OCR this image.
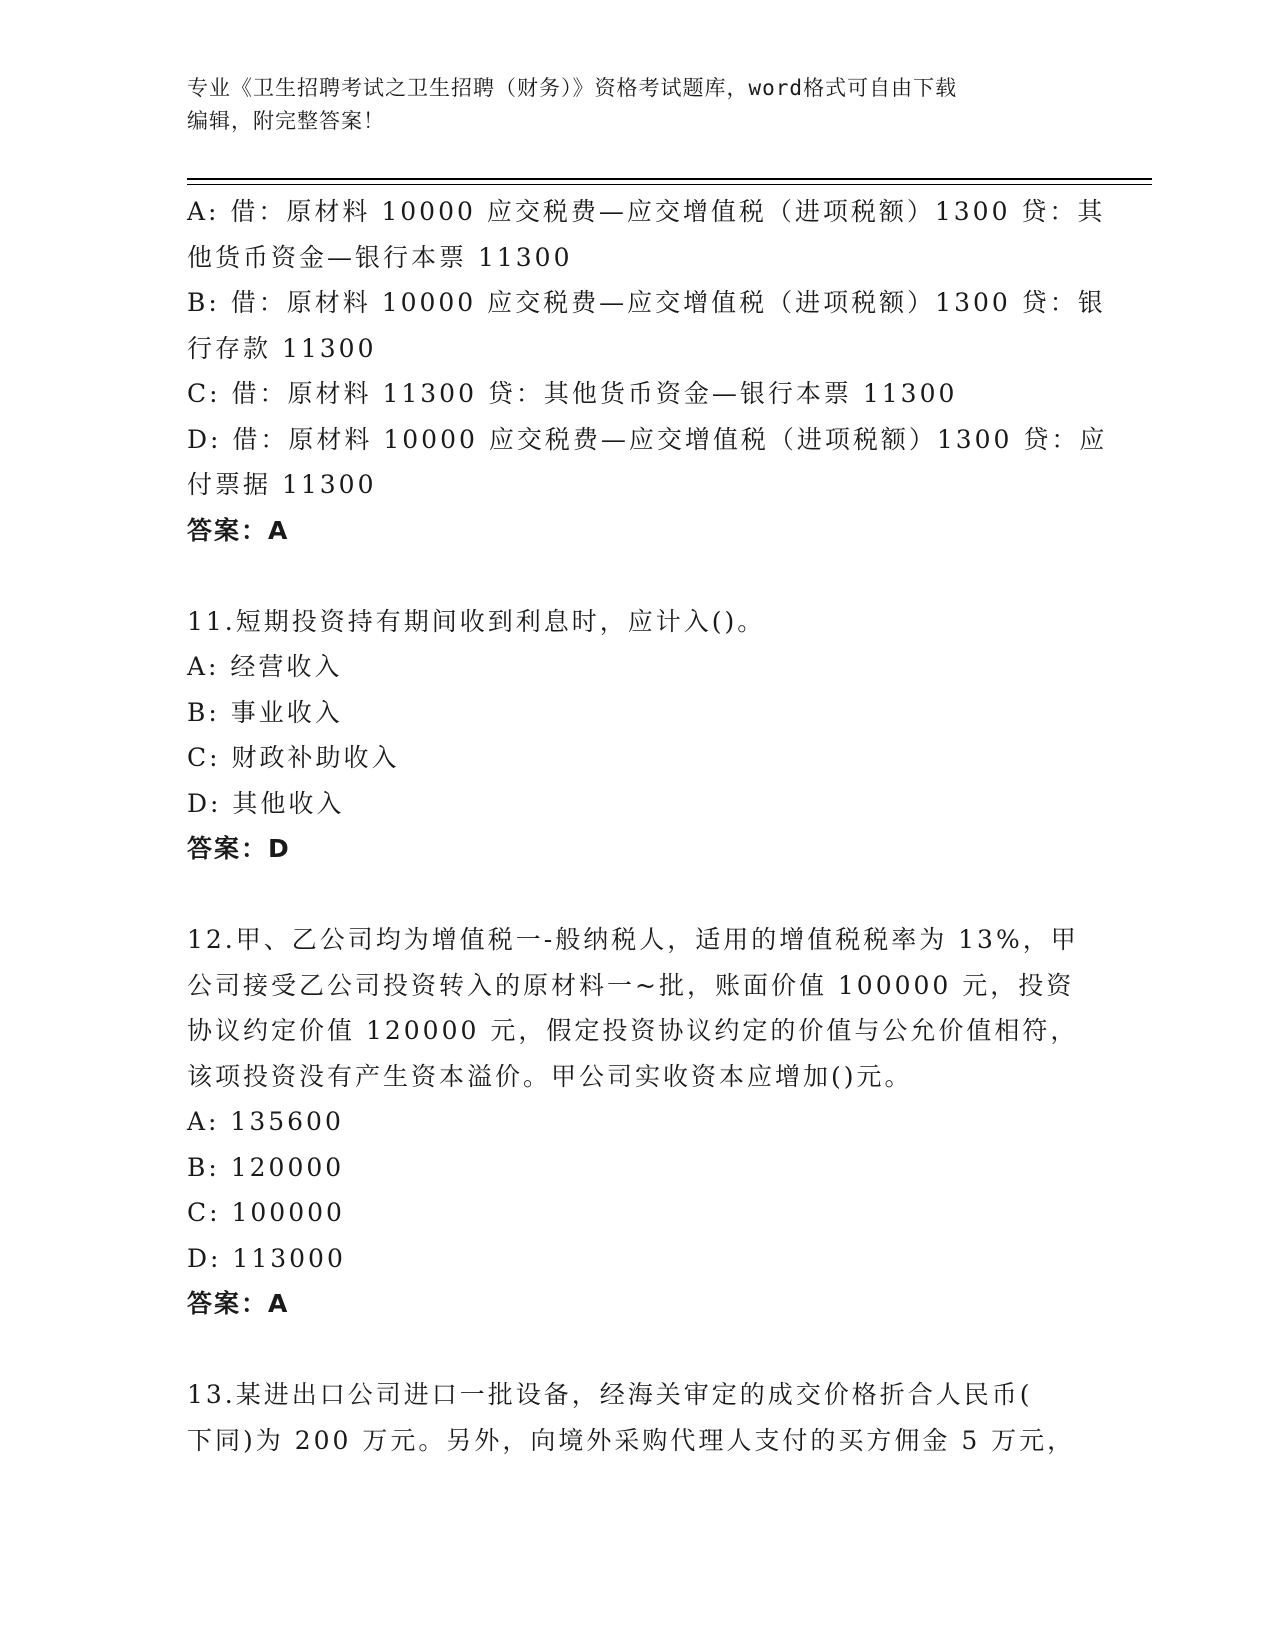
专业《卫生招聘考试之卫生招聘（财务）》资格考试题库，word格式可自由下载
编辑，附完整答案！
A: 借：原材料 10000 应交税费—应交增值税（进项税额）1300 贷：其
他货币资金—银行本票 11300
B: 借：原材料 10000 应交税费—应交增值税（进项税额）1300 贷：银
行存款 11300
C: 借：原材料 11300 贷：其他货币资金—银行本票 11300
D: 借：原材料 10000 应交税费—应交增值税（进项税额）1300 贷：应
付票据 11300
答案：A
11.短期投资持有期间收到利息时，应计入()。
A: 经营收入
B: 事业收入
C: 财政补助收入
D: 其他收入
答案：D
12.甲、乙公司均为增值税一-般纳税人，适用的增值税税率为 13%，甲
公司接受乙公司投资转入的原材料一~批，账面价值 100000 元，投资
协议约定价值 120000 元，假定投资协议约定的价值与公允价值相符，
该项投资没有产生资本溢价。甲公司实收资本应增加()元。
A: 135600
B: 120000
C: 100000
D: 113000
答案：A
13.某进出口公司进口一批设备，经海关审定的成交价格折合人民币(
下同)为 200 万元。另外，向境外采购代理人支付的买方佣金 5 万元，
